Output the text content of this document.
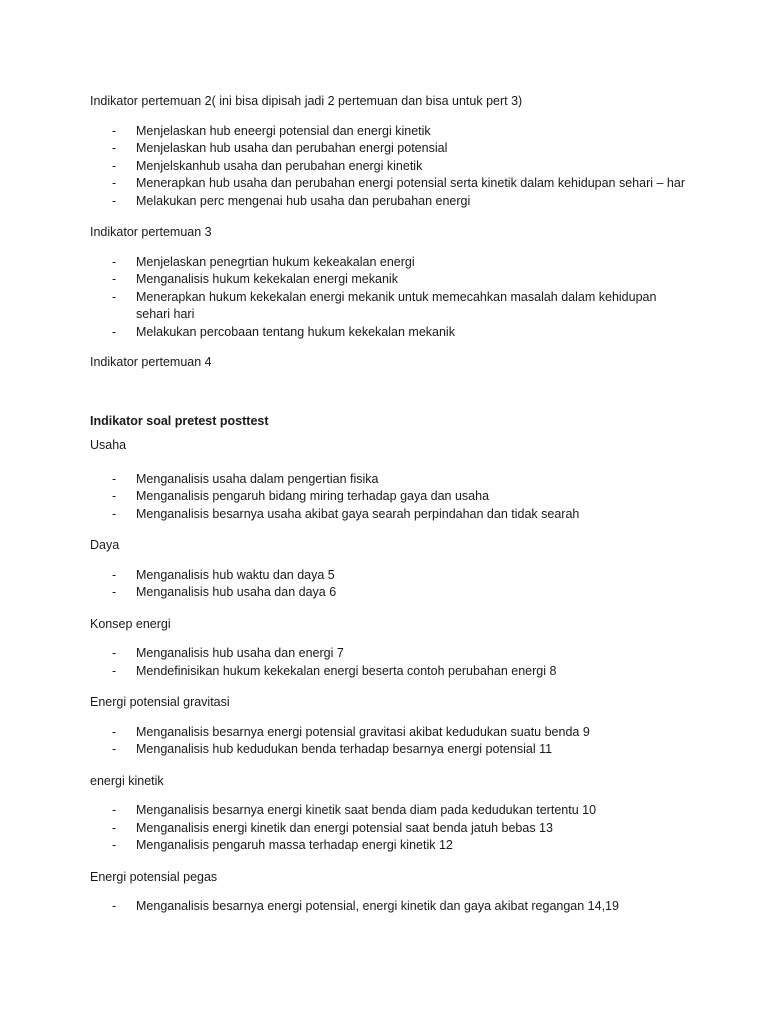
Indikator pertemuan 2( ini bisa dipisah jadi 2 pertemuan dan bisa untuk pert 3)

- Menjelaskan hub eneergi potensial dan energi kinetik
- Menjelaskan hub usaha dan perubahan energi potensial
- Menjelskanhub usaha dan perubahan energi kinetik
- Menerapkan hub usaha dan perubahan energi potensial serta kinetik dalam kehidupan sehari – har
- Melakukan perc mengenai hub usaha dan perubahan energi

Indikator pertemuan 3

- Menjelaskan penegrtian hukum kekeakalan energi
- Menganalisis hukum kekekalan energi mekanik
- Menerapkan hukum kekekalan energi mekanik untuk memecahkan masalah dalam kehidupan sehari hari
- Melakukan percobaan tentang hukum kekekalan mekanik

Indikator pertemuan 4

Indikator soal pretest posttest

Usaha

- Menganalisis usaha dalam pengertian fisika
- Menganalisis pengaruh bidang miring terhadap gaya dan usaha
- Menganalisis besarnya usaha akibat gaya searah perpindahan dan tidak searah

Daya

- Menganalisis hub waktu dan daya 5
- Menganalisis hub usaha dan daya 6

Konsep energi

- Menganalisis hub usaha dan energi 7
- Mendefinisikan hukum kekekalan energi beserta contoh perubahan energi 8

Energi potensial gravitasi

- Menganalisis besarnya energi potensial gravitasi akibat kedudukan suatu benda 9
- Menganalisis hub kedudukan benda terhadap besarnya energi potensial 11

energi kinetik

- Menganalisis besarnya energi kinetik saat benda diam pada kedudukan tertentu 10
- Menganalisis energi kinetik dan energi potensial saat benda jatuh bebas 13
- Menganalisis pengaruh massa terhadap energi kinetik 12

Energi potensial pegas

- Menganalisis besarnya energi potensial, energi kinetik dan gaya akibat regangan 14,19
